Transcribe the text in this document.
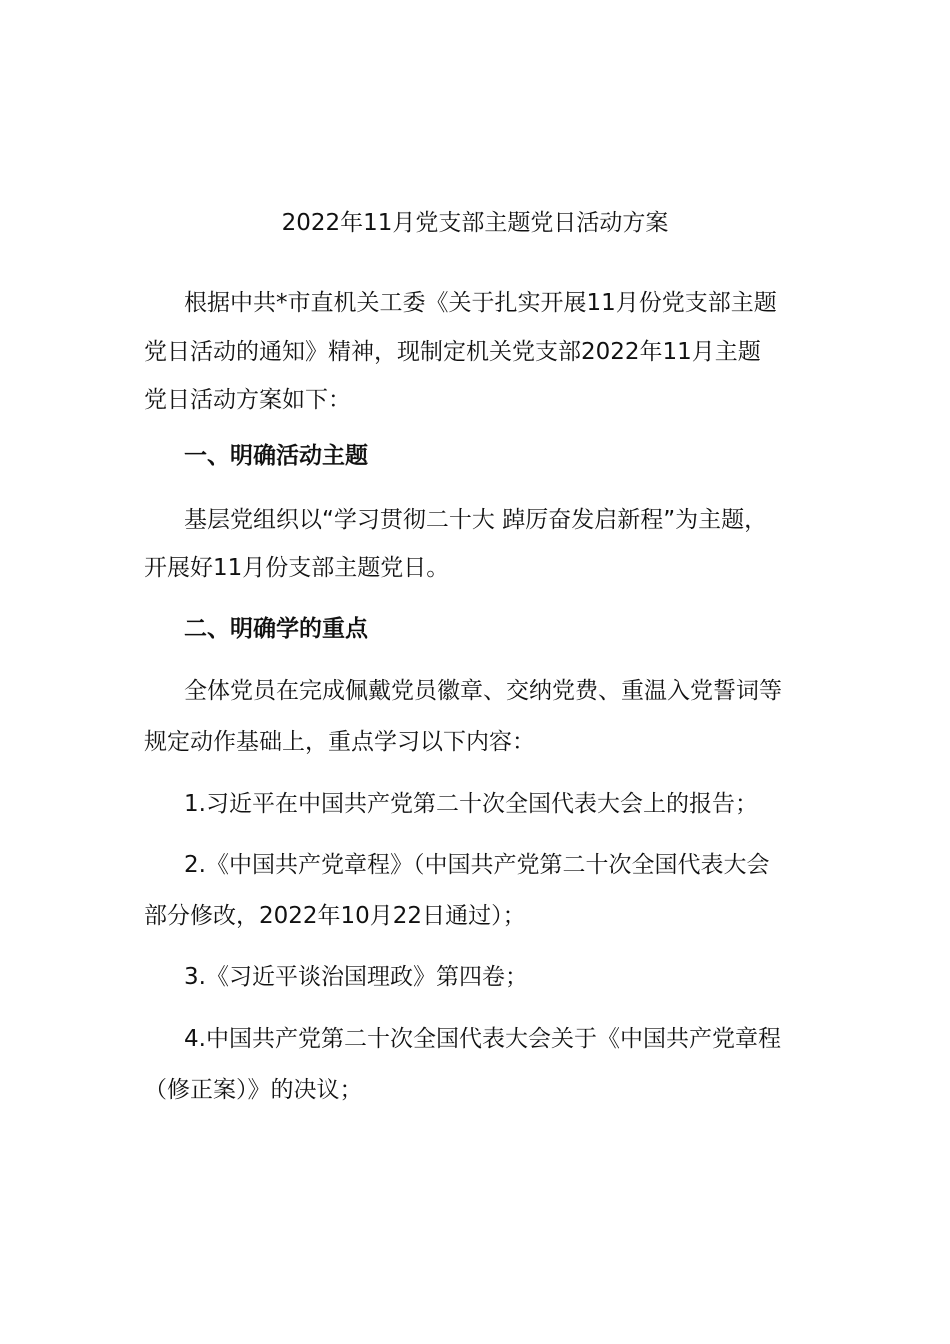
2022年11月党支部主题党日活动方案
根据中共*市直机关工委《关于扎实开展11月份党支部主题
党日活动的通知》精神，现制定机关党支部2022年11月主题
党日活动方案如下：
一、明确活动主题
基层党组织以“学习贯彻二十大 踔厉奋发启新程”为主题，
开展好11月份支部主题党日。
二、明确学的重点
全体党员在完成佩戴党员徽章、交纳党费、重温入党誓词等
规定动作基础上，重点学习以下内容：
1.习近平在中国共产党第二十次全国代表大会上的报告；
2.《中国共产党章程》（中国共产党第二十次全国代表大会
部分修改，2022年10月22日通过）；
3.《习近平谈治国理政》第四卷；
4.中国共产党第二十次全国代表大会关于《中国共产党章程
（修正案）》的决议；
